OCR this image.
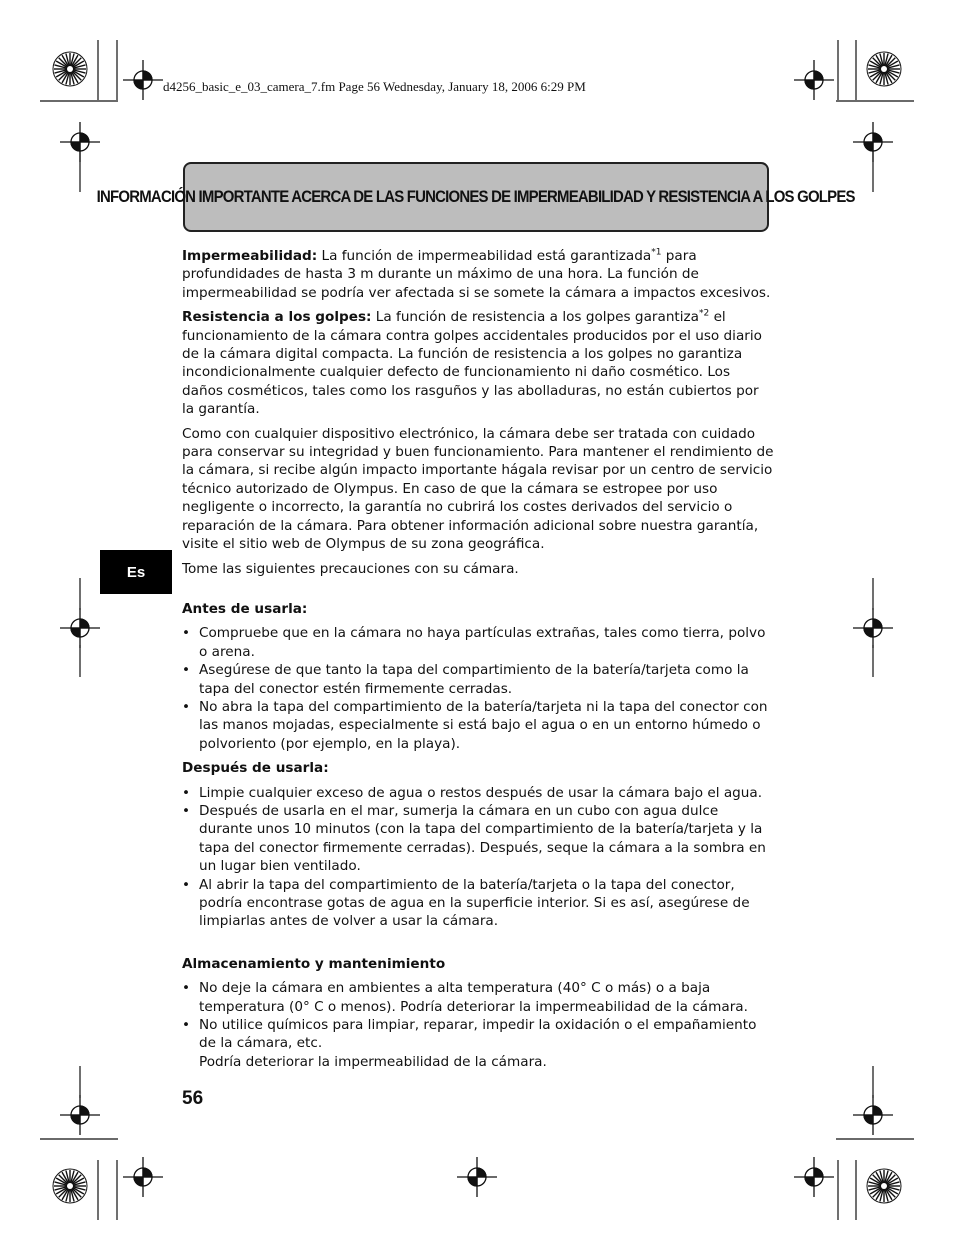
d4256_basic_e_03_camera_7.fm Page 56 Wednesday, January 18, 2006 6:29 PM
INFORMACIÓN IMPORTANTE ACERCA DE LAS FUNCIONES DE IMPERMEABILIDAD Y RESISTENCIA A LOS GOLPES

Impermeabilidad: La función de impermeabilidad está garantizada$^{*1}$ para profundidades de hasta 3 m durante un máximo de una hora. La función de impermeabilidad se podría ver afectada si se somete la cámara a impactos excesivos.

Resistencia a los golpes: La función de resistencia a los golpes garantiza$^{*2}$ el funcionamiento de la cámara contra golpes accidentales producidos por el uso diario de la cámara digital compacta. La función de resistencia a los golpes no garantiza incondicionalmente cualquier defecto de funcionamiento ni daño cosmético. Los daños cosméticos, tales como los rasguños y las abolladuras, no están cubiertos por la garantía.

Como con cualquier dispositivo electrónico, la cámara debe ser tratada con cuidado para conservar su integridad y buen funcionamiento. Para mantener el rendimiento de la cámara, si recibe algún impacto importante hágala revisar por un centro de servicio técnico autorizado de Olympus. En caso de que la cámara se estropee por uso negligente o incorrecto, la garantía no cubrirá los costes derivados del servicio o reparación de la cámara. Para obtener información adicional sobre nuestra garantía, visite el sitio web de Olympus de su zona geográfica.

Tome las siguientes precauciones con su cámara.

Antes de usarla:

• Compruebe que en la cámara no haya partículas extrañas, tales como tierra, polvo o arena.
• Asegúrese de que tanto la tapa del compartimiento de la batería/tarjeta como la tapa del conector estén firmemente cerradas.
• No abra la tapa del compartimiento de la batería/tarjeta ni la tapa del conector con las manos mojadas, especialmente si está bajo el agua o en un entorno húmedo o polvoriento (por ejemplo, en la playa).

Después de usarla:

• Limpie cualquier exceso de agua o restos después de usar la cámara bajo el agua.
• Después de usarla en el mar, sumerja la cámara en un cubo con agua dulce durante unos 10 minutos (con la tapa del compartimiento de la batería/tarjeta y la tapa del conector firmemente cerradas). Después, seque la cámara a la sombra en un lugar bien ventilado.
• Al abrir la tapa del compartimiento de la batería/tarjeta o la tapa del conector, podría encontrase gotas de agua en la superficie interior. Si es así, asegúrese de limpiarlas antes de volver a usar la cámara.

Almacenamiento y mantenimiento

• No deje la cámara en ambientes a alta temperatura (40° C o más) o a baja temperatura (0° C o menos). Podría deteriorar la impermeabilidad de la cámara.
• No utilice químicos para limpiar, reparar, impedir la oxidación o el empañamiento de la cámara, etc.
Podría deteriorar la impermeabilidad de la cámara.
Es
56
